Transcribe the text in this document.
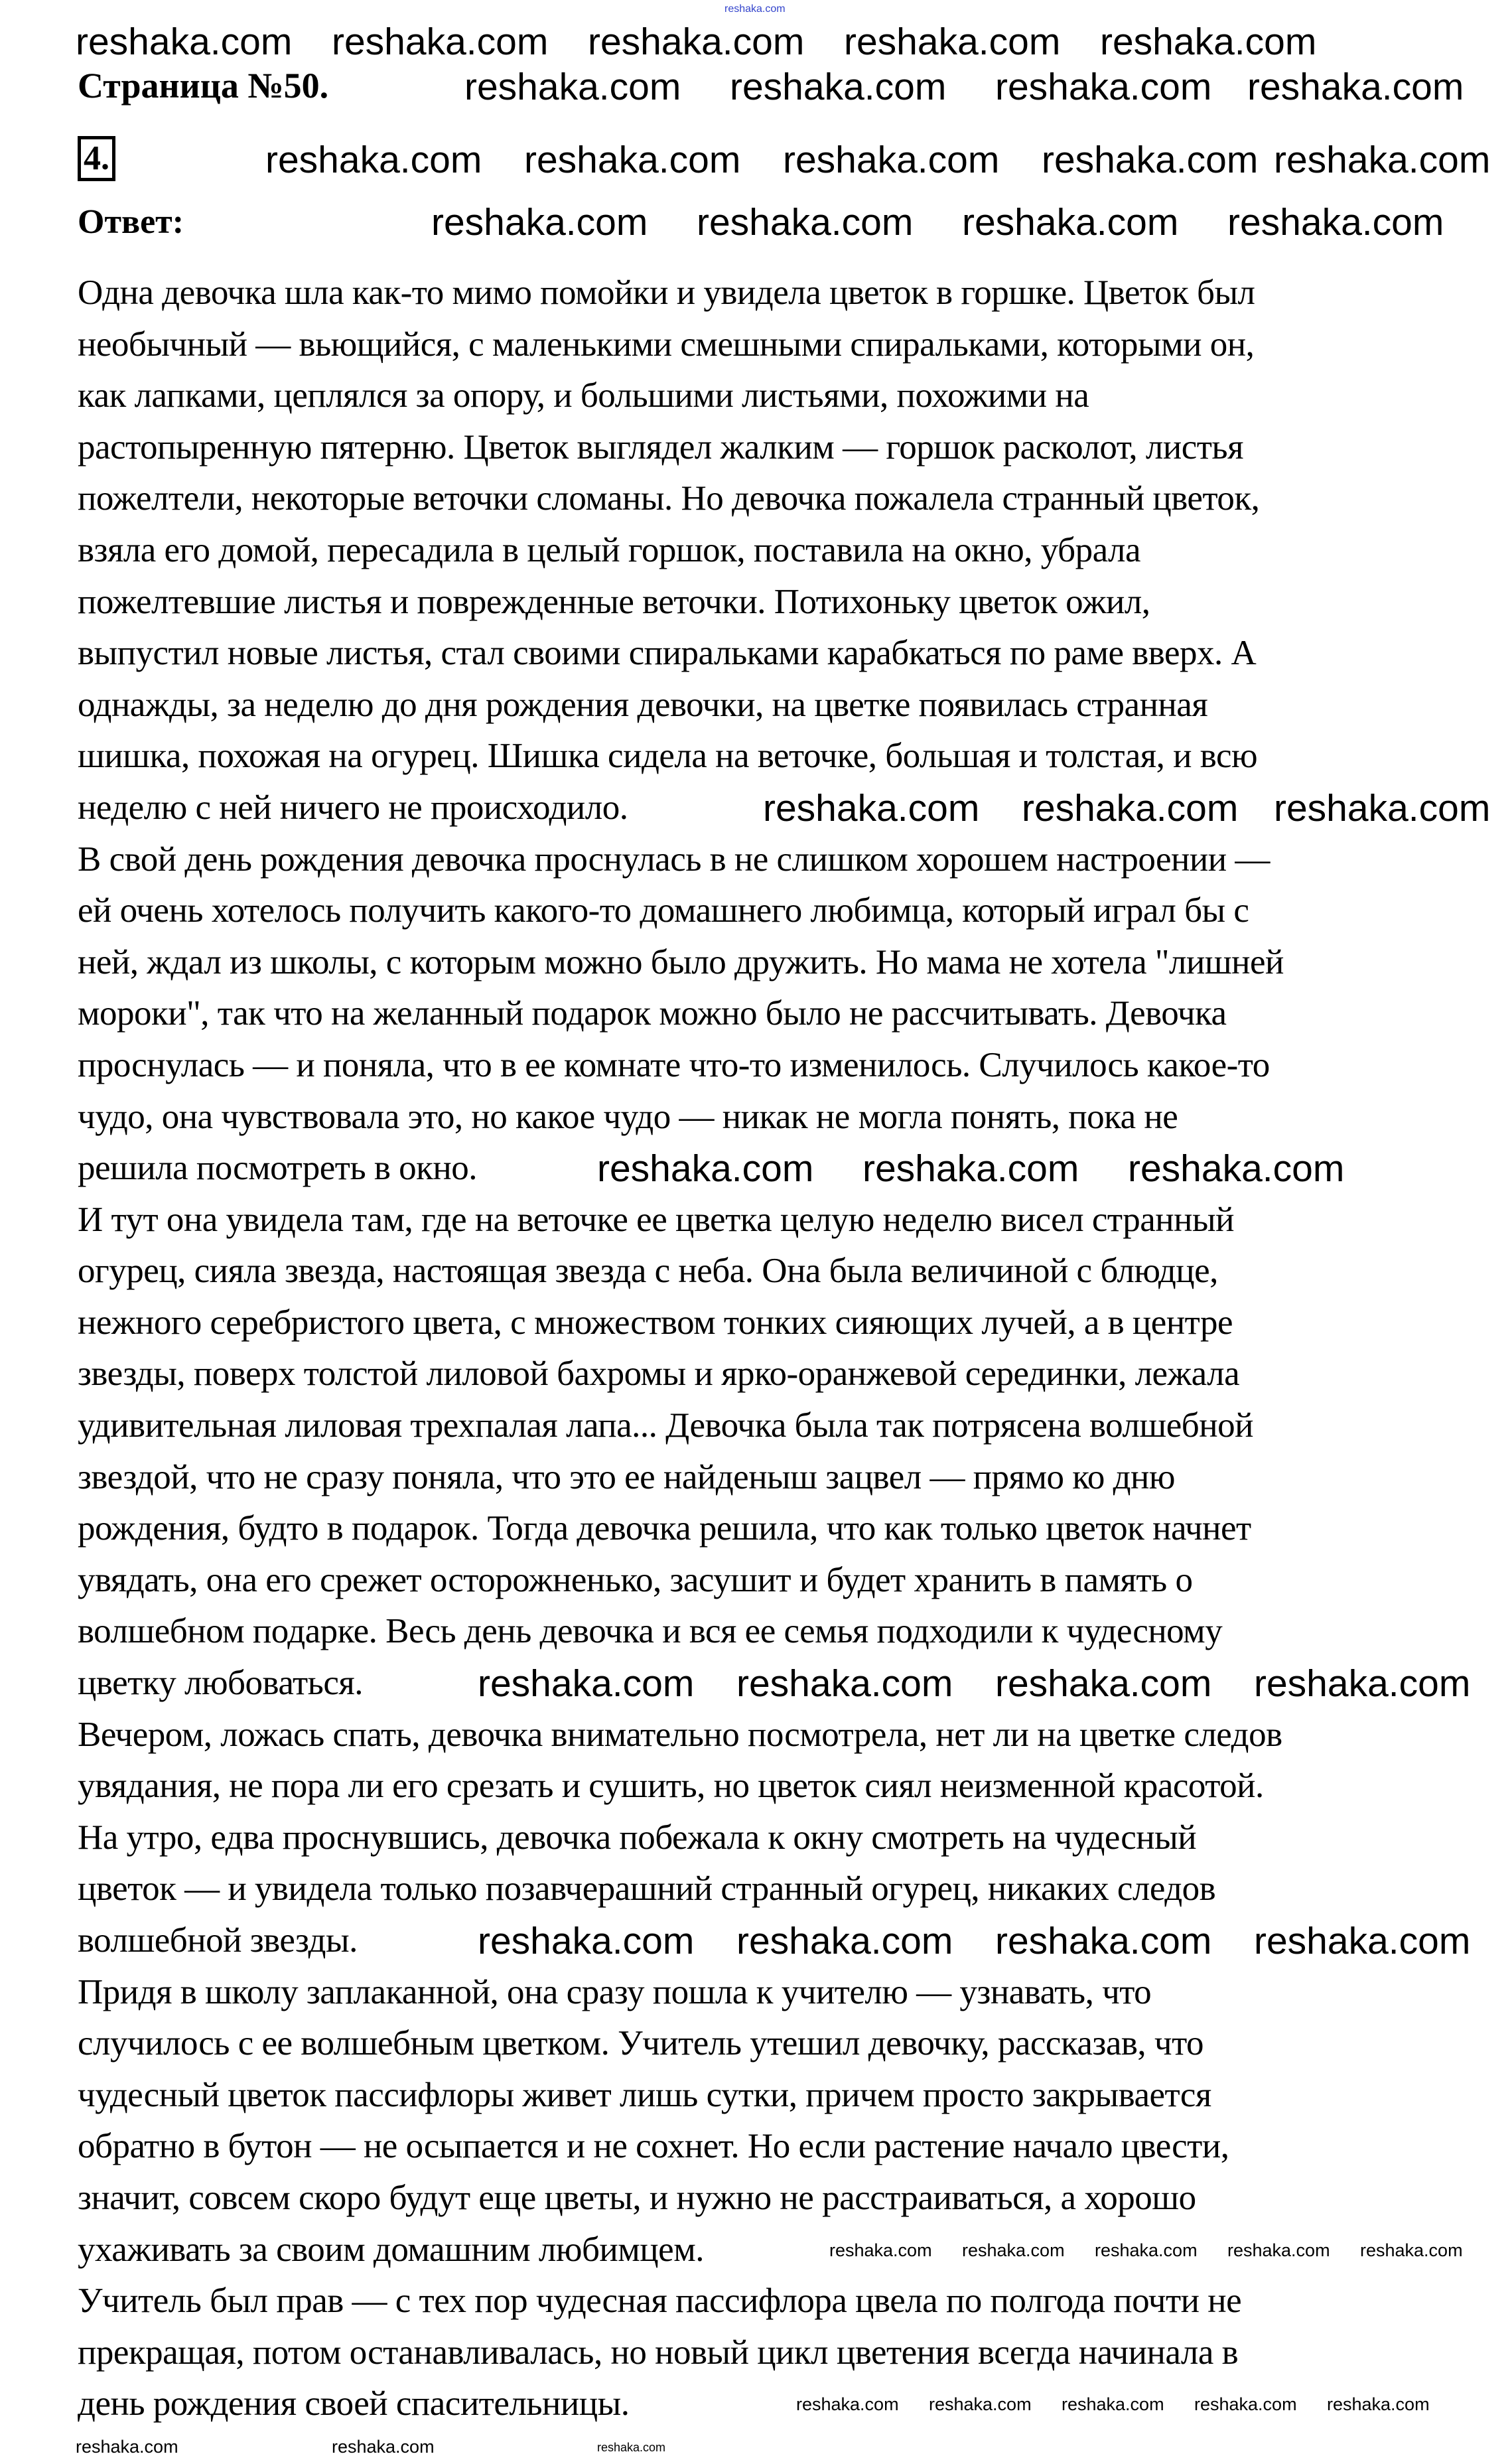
reshaka.com
Страница №50.
4.
Ответ:
Одна девочка шла как-то мимо помойки и увидела цветок в горшке. Цветок был
необычный — вьющийся, с маленькими смешными спиральками, которыми он,
как лапками, цеплялся за опору, и большими листьями, похожими на
растопыренную пятерню. Цветок выглядел жалким — горшок расколот, листья
пожелтели, некоторые веточки сломаны. Но девочка пожалела странный цветок,
взяла его домой, пересадила в целый горшок, поставила на окно, убрала
пожелтевшие листья и поврежденные веточки. Потихоньку цветок ожил,
выпустил новые листья, стал своими спиральками карабкаться по раме вверх. А
однажды, за неделю до дня рождения девочки, на цветке появилась странная
шишка, похожая на огурец. Шишка сидела на веточке, большая и толстая, и всю
неделю с ней ничего не происходило.
В свой день рождения девочка проснулась в не слишком хорошем настроении —
ей очень хотелось получить какого-то домашнего любимца, который играл бы с
ней, ждал из школы, с которым можно было дружить. Но мама не хотела "лишней
мороки", так что на желанный подарок можно было не рассчитывать. Девочка
проснулась — и поняла, что в ее комнате что-то изменилось. Случилось какое-то
чудо, она чувствовала это, но какое чудо — никак не могла понять, пока не
решила посмотреть в окно.
И тут она увидела там, где на веточке ее цветка целую неделю висел странный
огурец, сияла звезда, настоящая звезда с неба. Она была величиной с блюдце,
нежного серебристого цвета, с множеством тонких сияющих лучей, а в центре
звезды, поверх толстой лиловой бахромы и ярко-оранжевой серединки, лежала
удивительная лиловая трехпалая лапа... Девочка была так потрясена волшебной
звездой, что не сразу поняла, что это ее найденыш зацвел — прямо ко дню
рождения, будто в подарок. Тогда девочка решила, что как только цветок начнет
увядать, она его срежет осторожненько, засушит и будет хранить в память о
волшебном подарке. Весь день девочка и вся ее семья подходили к чудесному
цветку любоваться.
Вечером, ложась спать, девочка внимательно посмотрела, нет ли на цветке следов
увядания, не пора ли его срезать и сушить, но цветок сиял неизменной красотой.
На утро, едва проснувшись, девочка побежала к окну смотреть на чудесный
цветок — и увидела только позавчерашний странный огурец, никаких следов
волшебной звезды.
Придя в школу заплаканной, она сразу пошла к учителю — узнавать, что
случилось с ее волшебным цветком. Учитель утешил девочку, рассказав, что
чудесный цветок пассифлоры живет лишь сутки, причем просто закрывается
обратно в бутон — не осыпается и не сохнет. Но если растение начало цвести,
значит, совсем скоро будут еще цветы, и нужно не расстраиваться, а хорошо
ухаживать за своим домашним любимцем.
Учитель был прав — с тех пор чудесная пассифлора цвела по полгода почти не
прекращая, потом останавливалась, но новый цикл цветения всегда начинала в
день рождения своей спасительницы.
reshaka.com reshaka.com reshaka.com reshaka.com reshaka.com
reshaka.com reshaka.com reshaka.com reshaka.com
reshaka.com reshaka.com reshaka.com reshaka.com reshaka.com
reshaka.com reshaka.com reshaka.com reshaka.com
reshaka.com reshaka.com reshaka.com
reshaka.com reshaka.com reshaka.com
reshaka.com reshaka.com reshaka.com reshaka.com
reshaka.com reshaka.com reshaka.com reshaka.com
reshaka.com reshaka.com reshaka.com reshaka.com reshaka.com
reshaka.com reshaka.com reshaka.com reshaka.com reshaka.com
reshaka.com	reshaka.com	reshaka.com
